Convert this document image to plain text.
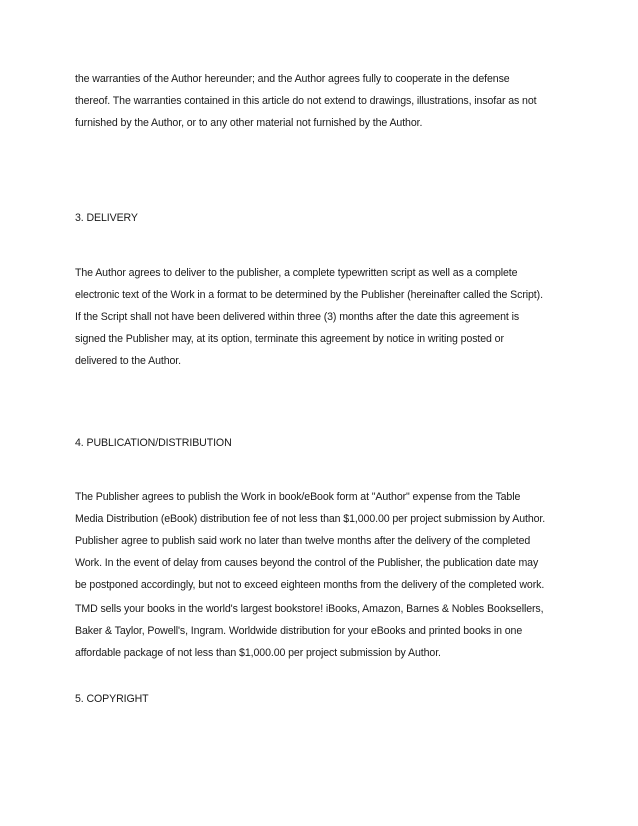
the warranties of the Author hereunder; and the Author agrees fully to cooperate in the defense
thereof. The warranties contained in this article do not extend to drawings, illustrations, insofar as not
furnished by the Author, or to any other material not furnished by the Author.
3. DELIVERY
The Author agrees to deliver to the publisher, a complete typewritten script as well as a complete
electronic text of the Work in a format to be determined by the Publisher (hereinafter called the Script).
If the Script shall not have been delivered within three (3) months after the date this agreement is
signed the Publisher may, at its option, terminate this agreement by notice in writing posted or
delivered to the Author.
4. PUBLICATION/DISTRIBUTION
The Publisher agrees to publish the Work in book/eBook form at "Author" expense from the Table
Media Distribution (eBook) distribution fee of not less than $1,000.00 per project submission by Author.
Publisher agree to publish said work no later than twelve months after the delivery of the completed
Work. In the event of delay from causes beyond the control of the Publisher, the publication date may
be postponed accordingly, but not to exceed eighteen months from the delivery of the completed work.
TMD sells your books in the world's largest bookstore! iBooks, Amazon, Barnes & Nobles Booksellers,
Baker & Taylor, Powell's, Ingram. Worldwide distribution for your eBooks and printed books in one
affordable package of not less than $1,000.00 per project submission by Author.
5. COPYRIGHT
